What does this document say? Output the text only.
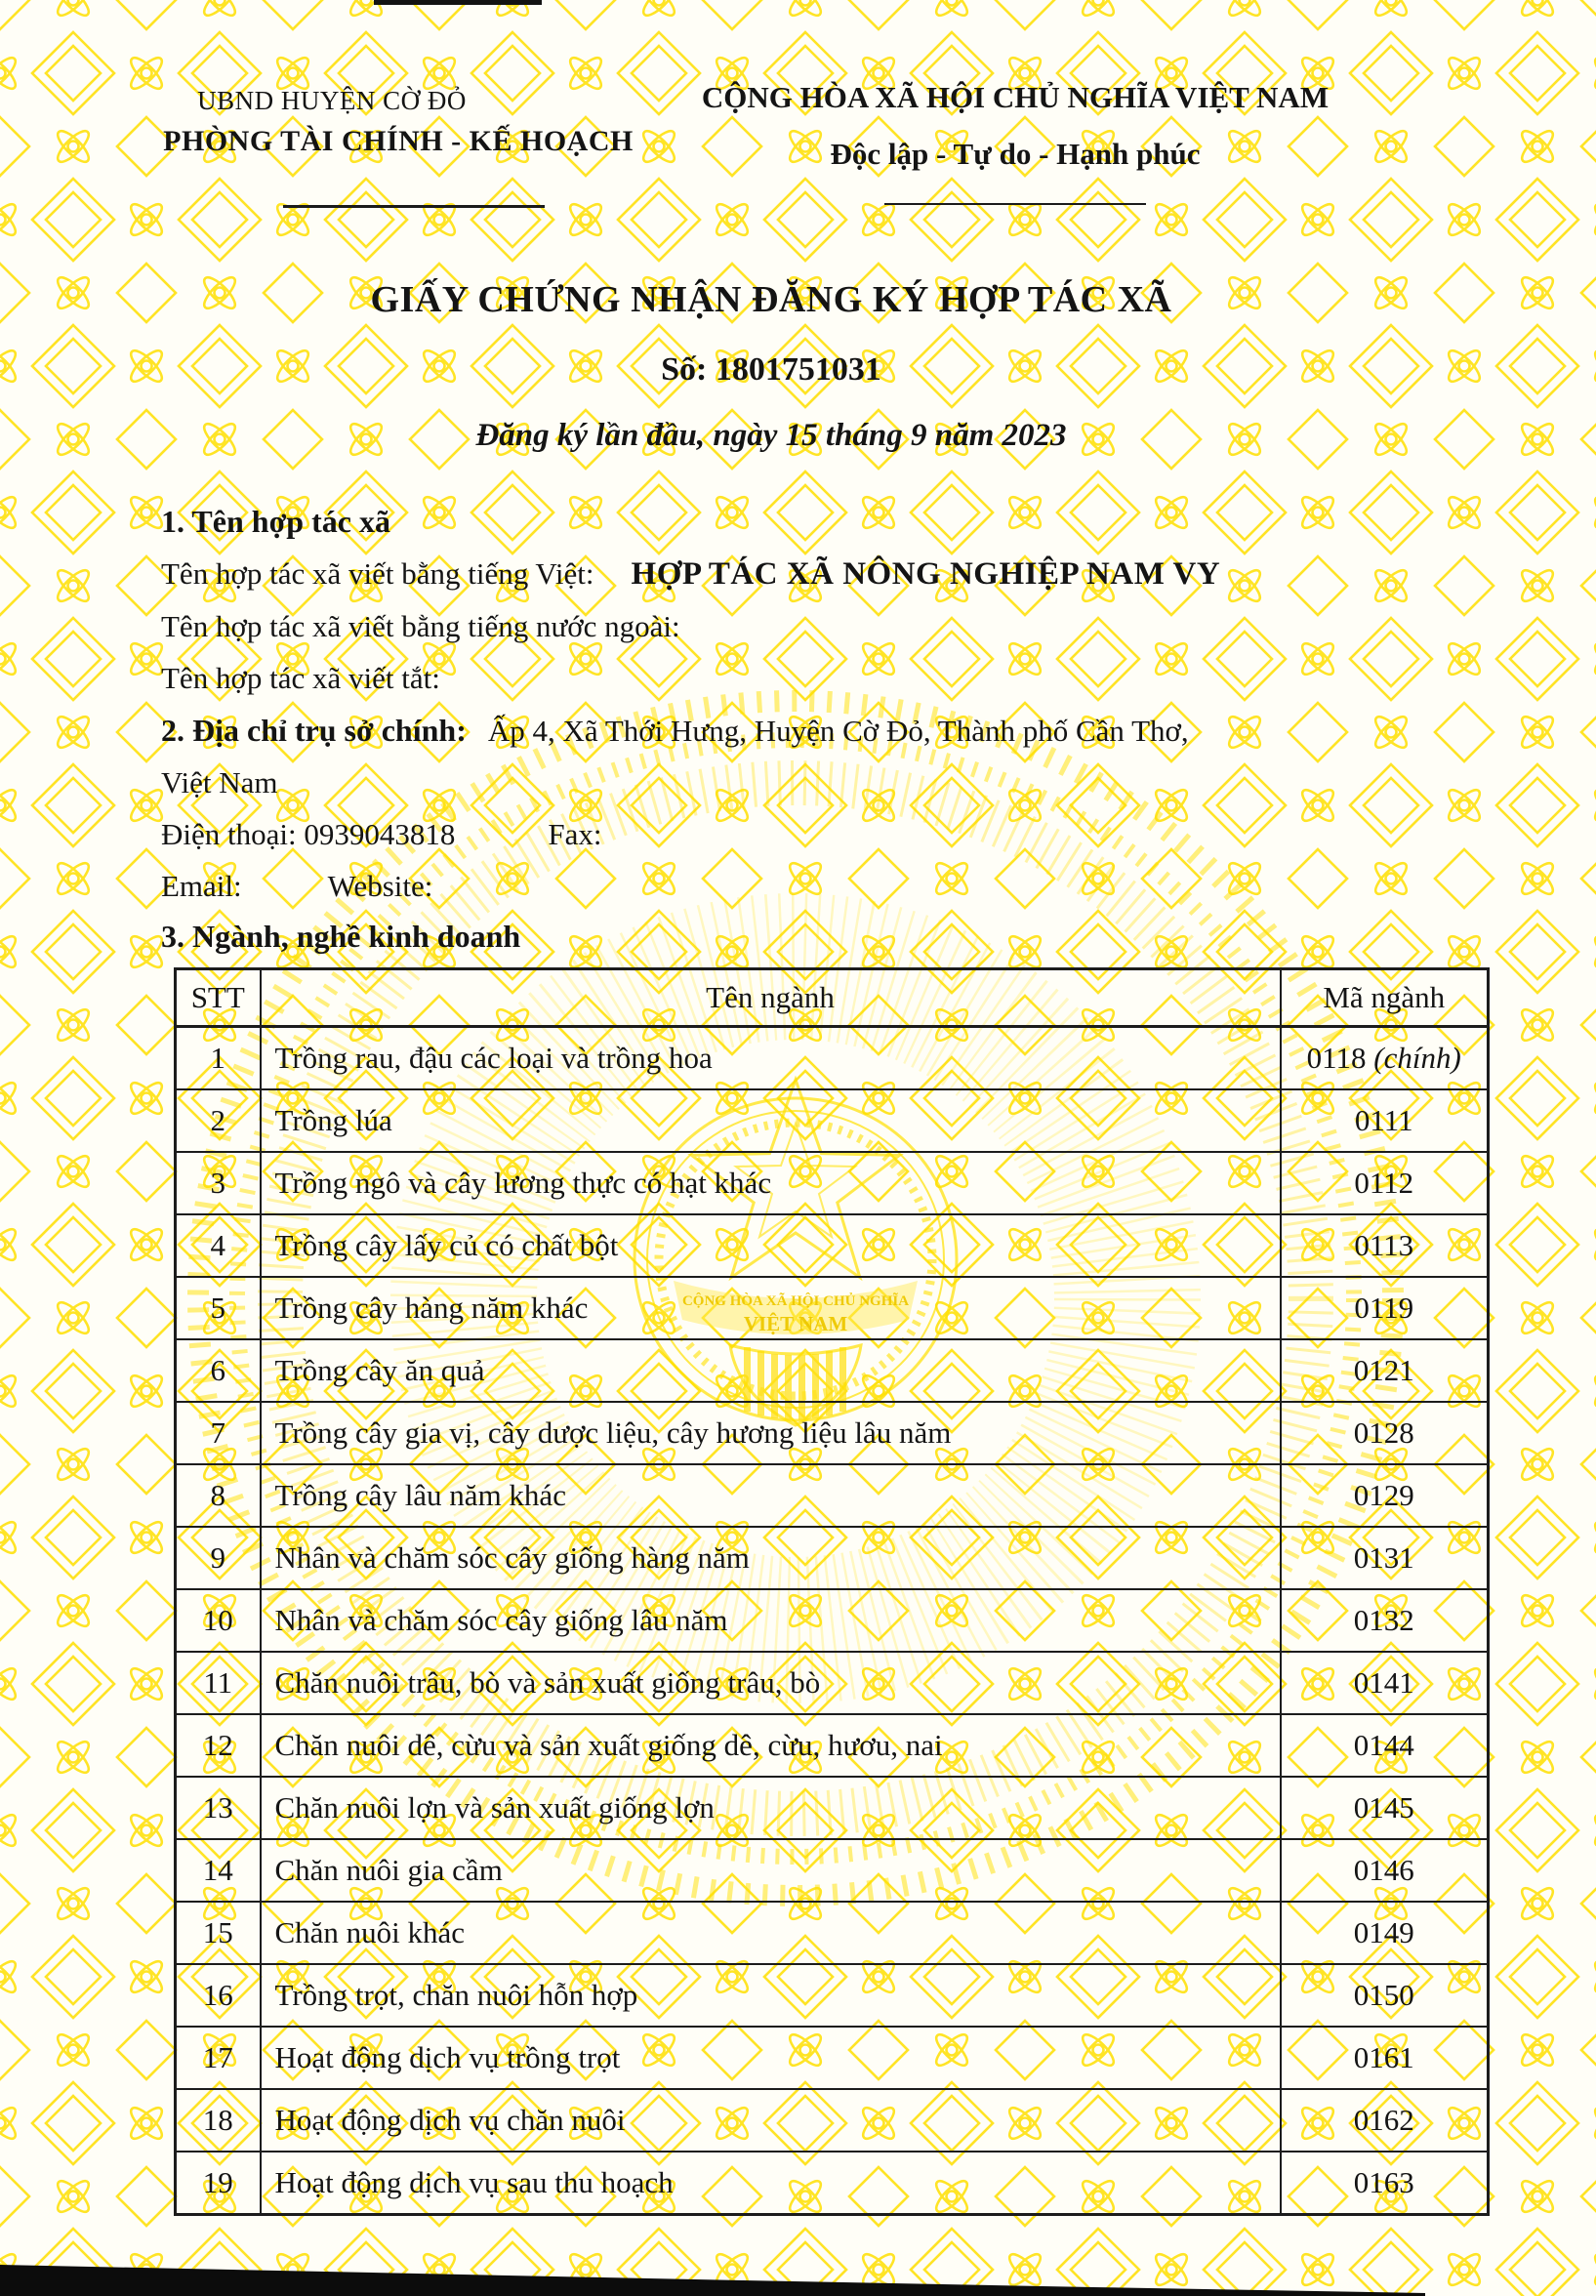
CỘNG HÒA XÃ HỘI CHỦ NGHĨA
VIỆT NAM
UBND HUYỆN CỜ ĐỎ
PHÒNG TÀI CHÍNH - KẾ HOẠCH
CỘNG HÒA XÃ HỘI CHỦ NGHĨA VIỆT NAM
Độc lập - Tự do - Hạnh phúc
GIẤY CHỨNG NHẬN ĐĂNG KÝ HỢP TÁC XÃ
Số: 1801751031
Đăng ký lần đầu, ngày 15 tháng 9 năm 2023
1. Tên hợp tác xã
Tên hợp tác xã viết bằng tiếng Việt: HỢP TÁC XÃ NÔNG NGHIỆP NAM VY
Tên hợp tác xã viết bằng tiếng nước ngoài:
Tên hợp tác xã viết tắt:
2. Địa chỉ trụ sở chính: Ấp 4, Xã Thới Hưng, Huyện Cờ Đỏ, Thành phố Cần Thơ,
Việt Nam
Điện thoại: 0939043818	Fax:
Email:	Website:
3. Ngành, nghề kinh doanh
STT	Tên ngành	Mã ngành
1	Trồng rau, đậu các loại và trồng hoa	0118 (chính)
2	Trồng lúa	0111
3	Trồng ngô và cây lương thực có hạt khác	0112
4	Trồng cây lấy củ có chất bột	0113
5	Trồng cây hàng năm khác	0119
6	Trồng cây ăn quả	0121
7	Trồng cây gia vị, cây dược liệu, cây hương liệu lâu năm	0128
8	Trồng cây lâu năm khác	0129
9	Nhân và chăm sóc cây giống hàng năm	0131
10	Nhân và chăm sóc cây giống lâu năm	0132
11	Chăn nuôi trâu, bò và sản xuất giống trâu, bò	0141
12	Chăn nuôi dê, cừu và sản xuất giống dê, cừu, hươu, nai	0144
13	Chăn nuôi lợn và sản xuất giống lợn	0145
14	Chăn nuôi gia cầm	0146
15	Chăn nuôi khác	0149
16	Trồng trọt, chăn nuôi hỗn hợp	0150
17	Hoạt động dịch vụ trồng trọt	0161
18	Hoạt động dịch vụ chăn nuôi	0162
19	Hoạt động dịch vụ sau thu hoạch	0163
